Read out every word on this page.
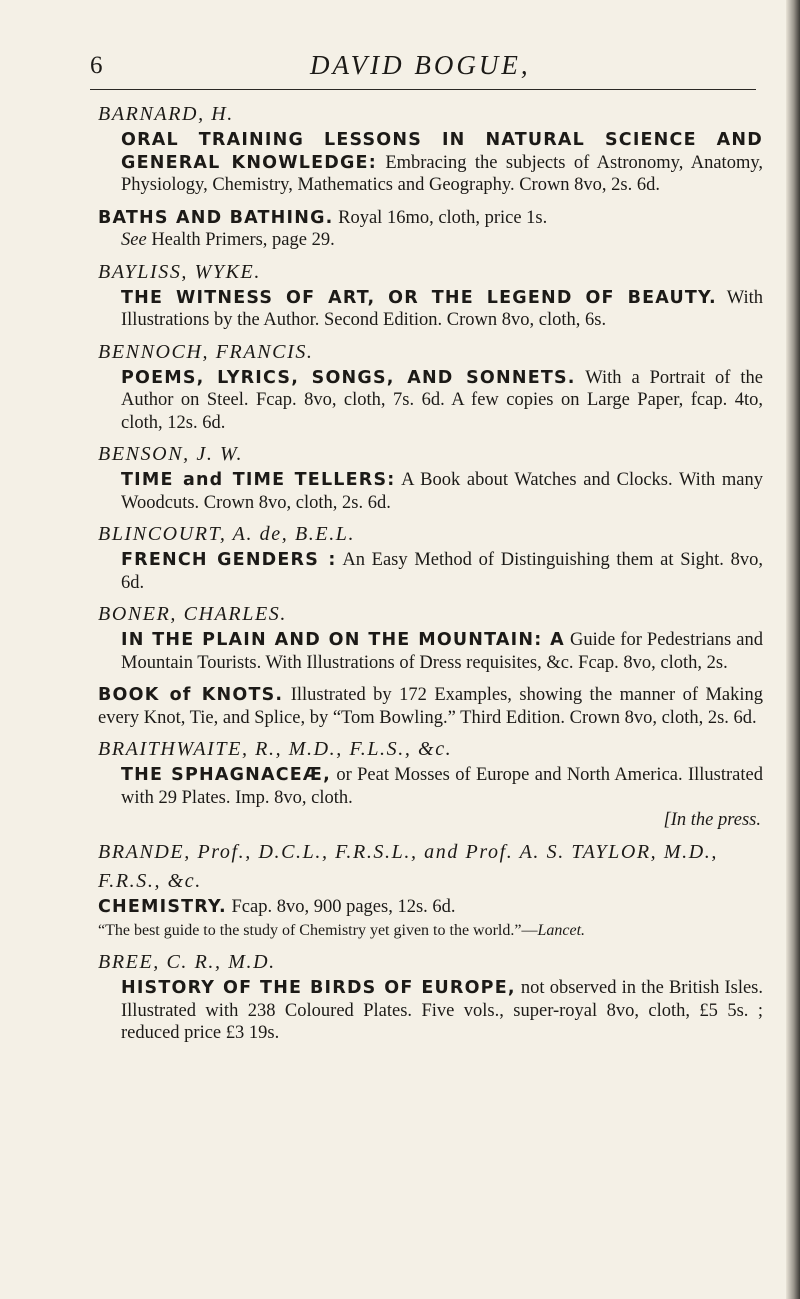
6	DAVID BOGUE,

BARNARD, H.

ORAL TRAINING LESSONS IN NATURAL SCIENCE AND GENERAL KNOWLEDGE: Embracing the subjects of Astronomy, Anatomy, Physiology, Chemistry, Mathematics and Geography. Crown 8vo, 2s. 6d.

BATHS AND BATHING. Royal 16mo, cloth, price 1s.
See Health Primers, page 29.

BAYLISS, WYKE.

THE WITNESS OF ART, OR THE LEGEND OF BEAUTY. With Illustrations by the Author. Second Edition. Crown 8vo, cloth, 6s.

BENNOCH, FRANCIS.

POEMS, LYRICS, SONGS, AND SONNETS. With a Portrait of the Author on Steel. Fcap. 8vo, cloth, 7s. 6d. A few copies on Large Paper, fcap. 4to, cloth, 12s. 6d.

BENSON, J. W.

TIME and TIME TELLERS: A Book about Watches and Clocks. With many Woodcuts. Crown 8vo, cloth, 2s. 6d.

BLINCOURT, A. de, B.E.L.

FRENCH GENDERS : An Easy Method of Distinguishing them at Sight. 8vo, 6d.

BONER, CHARLES.

IN THE PLAIN AND ON THE MOUNTAIN: A Guide for Pedestrians and Mountain Tourists. With Illustrations of Dress requisites, &c. Fcap. 8vo, cloth, 2s.

BOOK of KNOTS. Illustrated by 172 Examples, showing the manner of Making every Knot, Tie, and Splice, by “Tom Bowling.” Third Edition. Crown 8vo, cloth, 2s. 6d.

BRAITHWAITE, R., M.D., F.L.S., &c.

THE SPHAGNACEÆ, or Peat Mosses of Europe and North America. Illustrated with 29 Plates. Imp. 8vo, cloth.
[In the press.

BRANDE, Prof., D.C.L., F.R.S.L., and Prof. A. S. TAYLOR, M.D., F.R.S., &c.

CHEMISTRY. Fcap. 8vo, 900 pages, 12s. 6d.

“The best guide to the study of Chemistry yet given to the world.”—Lancet.

BREE, C. R., M.D.

HISTORY OF THE BIRDS OF EUROPE, not observed in the British Isles. Illustrated with 238 Coloured Plates. Five vols., super-royal 8vo, cloth, £5 5s. ; reduced price £3 19s.
